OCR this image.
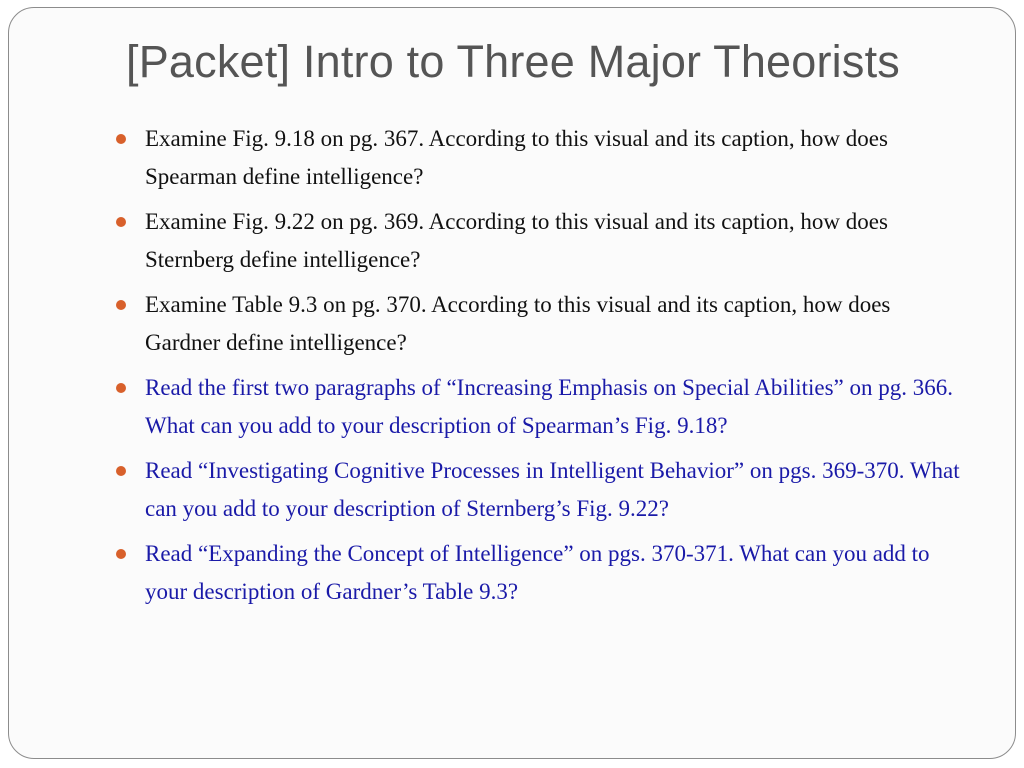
[Packet] Intro to Three Major Theorists
Examine Fig. 9.18 on pg. 367. According to this visual and its caption, how does Spearman define intelligence?
Examine Fig. 9.22 on pg. 369. According to this visual and its caption, how does Sternberg define intelligence?
Examine Table 9.3 on pg. 370. According to this visual and its caption, how does Gardner define intelligence?
Read the first two paragraphs of “Increasing Emphasis on Special Abilities” on pg. 366. What can you add to your description of Spearman’s Fig. 9.18?
Read “Investigating Cognitive Processes in Intelligent Behavior” on pgs. 369-370. What can you add to your description of Sternberg’s Fig. 9.22?
Read “Expanding the Concept of Intelligence” on pgs. 370-371. What can you add to your description of Gardner’s Table 9.3?
